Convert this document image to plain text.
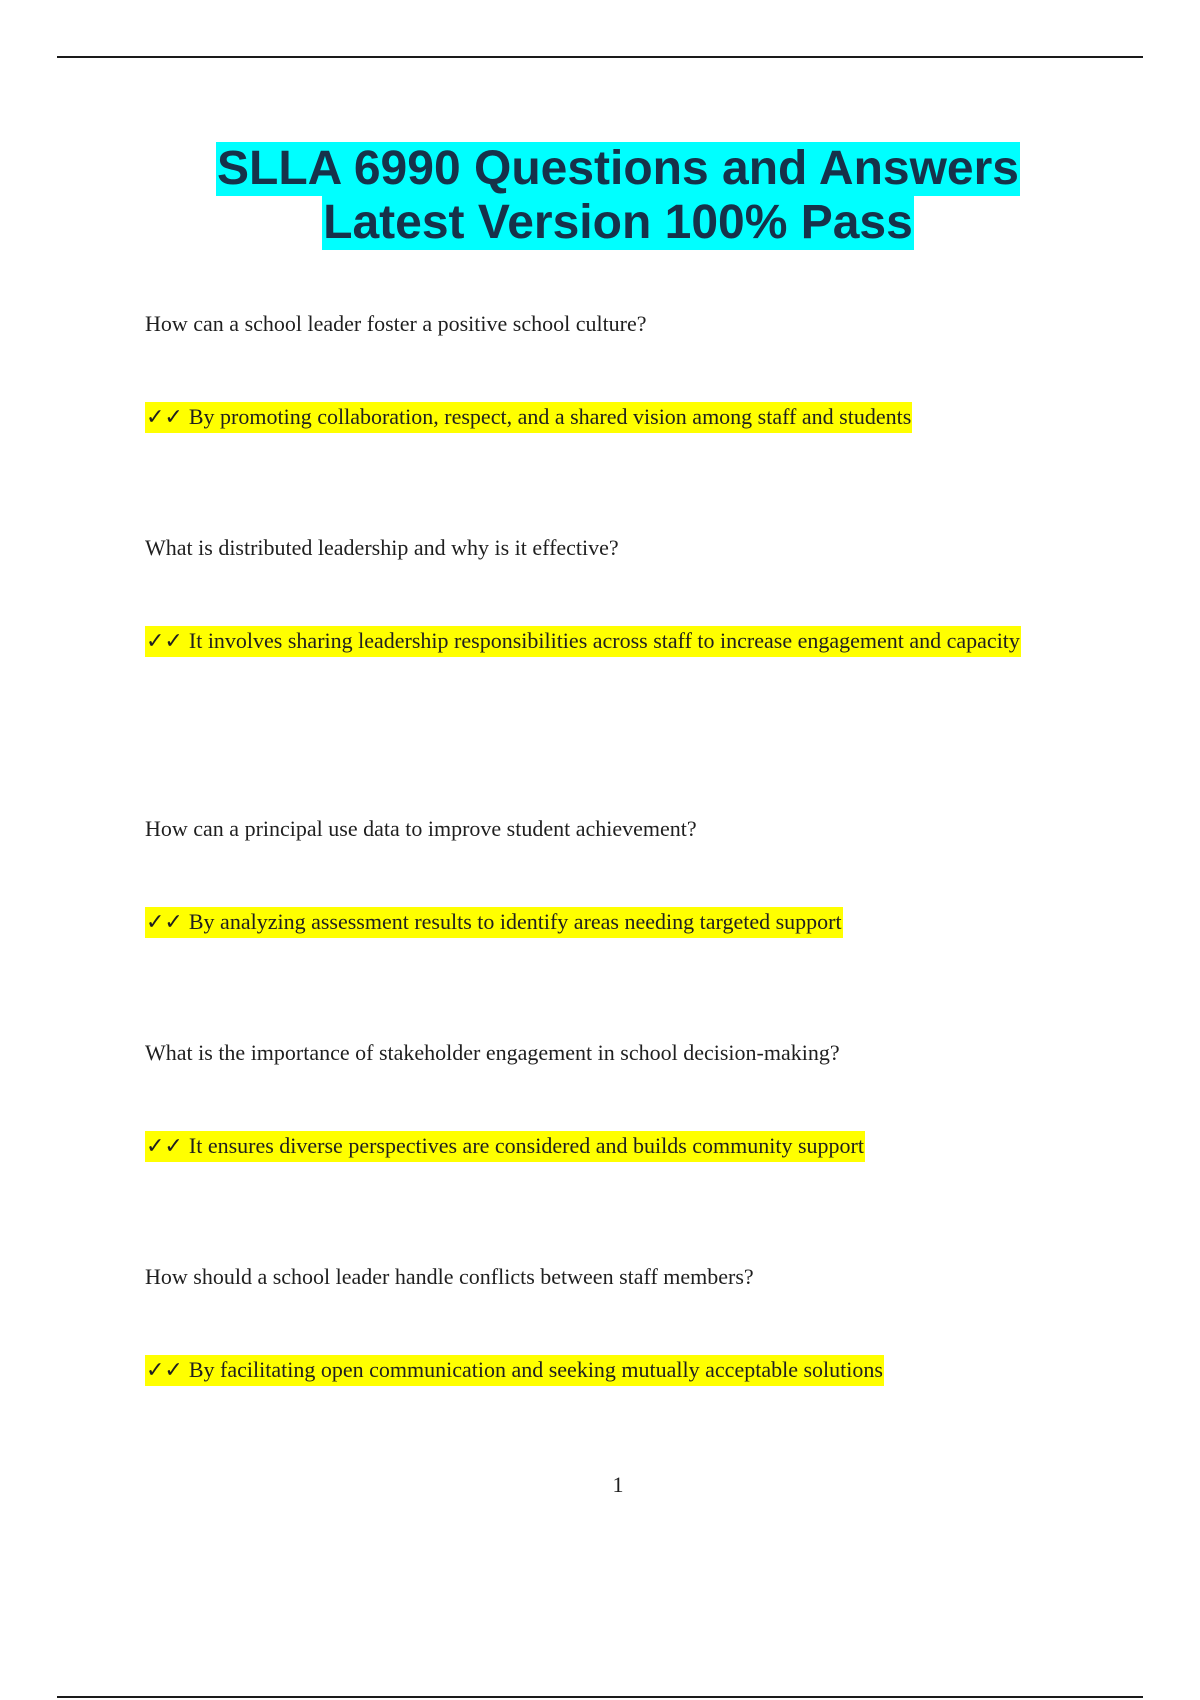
SLLA 6990 Questions and Answers
Latest Version 100% Pass

How can a school leader foster a positive school culture?

✓✓ By promoting collaboration, respect, and a shared vision among staff and students

What is distributed leadership and why is it effective?

✓✓ It involves sharing leadership responsibilities across staff to increase engagement and capacity

How can a principal use data to improve student achievement?

✓✓ By analyzing assessment results to identify areas needing targeted support

What is the importance of stakeholder engagement in school decision-making?

✓✓ It ensures diverse perspectives are considered and builds community support

How should a school leader handle conflicts between staff members?

✓✓ By facilitating open communication and seeking mutually acceptable solutions

1
